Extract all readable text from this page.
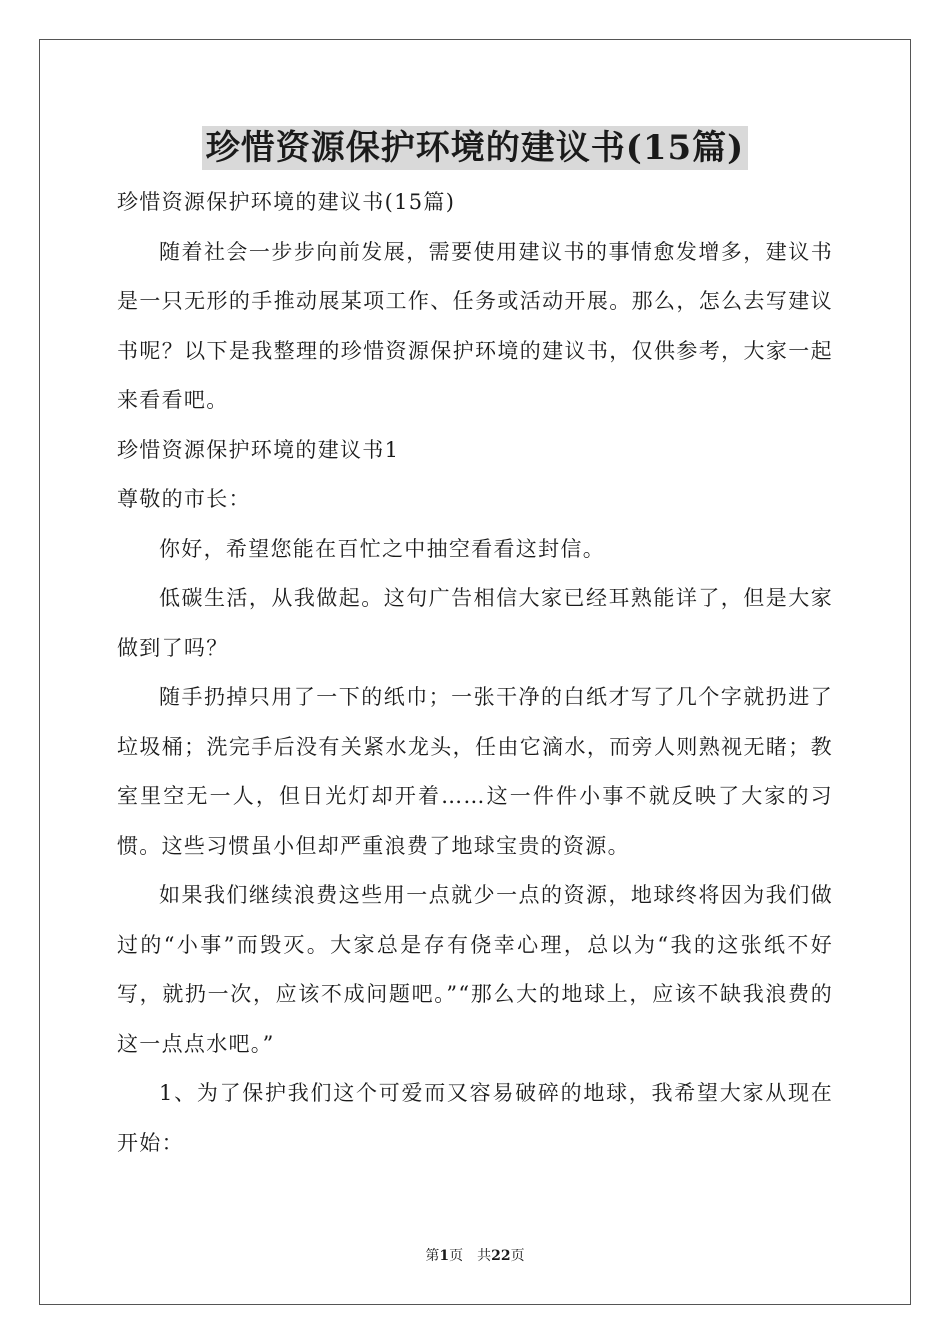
珍惜资源保护环境的建议书(15篇)

珍惜资源保护环境的建议书(15篇)

随着社会一步步向前发展，需要使用建议书的事情愈发增多，建议书是一只无形的手推动展某项工作、任务或活动开展。那么，怎么去写建议书呢？以下是我整理的珍惜资源保护环境的建议书，仅供参考，大家一起来看看吧。

珍惜资源保护环境的建议书1

尊敬的市长：

你好，希望您能在百忙之中抽空看看这封信。

低碳生活，从我做起。这句广告相信大家已经耳熟能详了，但是大家做到了吗？

随手扔掉只用了一下的纸巾；一张干净的白纸才写了几个字就扔进了垃圾桶；洗完手后没有关紧水龙头，任由它滴水，而旁人则熟视无睹；教室里空无一人，但日光灯却开着……这一件件小事不就反映了大家的习惯。这些习惯虽小但却严重浪费了地球宝贵的资源。

如果我们继续浪费这些用一点就少一点的资源，地球终将因为我们做过的“小事”而毁灭。大家总是存有侥幸心理，总以为“我的这张纸不好写，就扔一次，应该不成问题吧。”“那么大的地球上，应该不缺我浪费的这一点点水吧。”

1、为了保护我们这个可爱而又容易破碎的地球，我希望大家从现在开始：

第1页　共22页
